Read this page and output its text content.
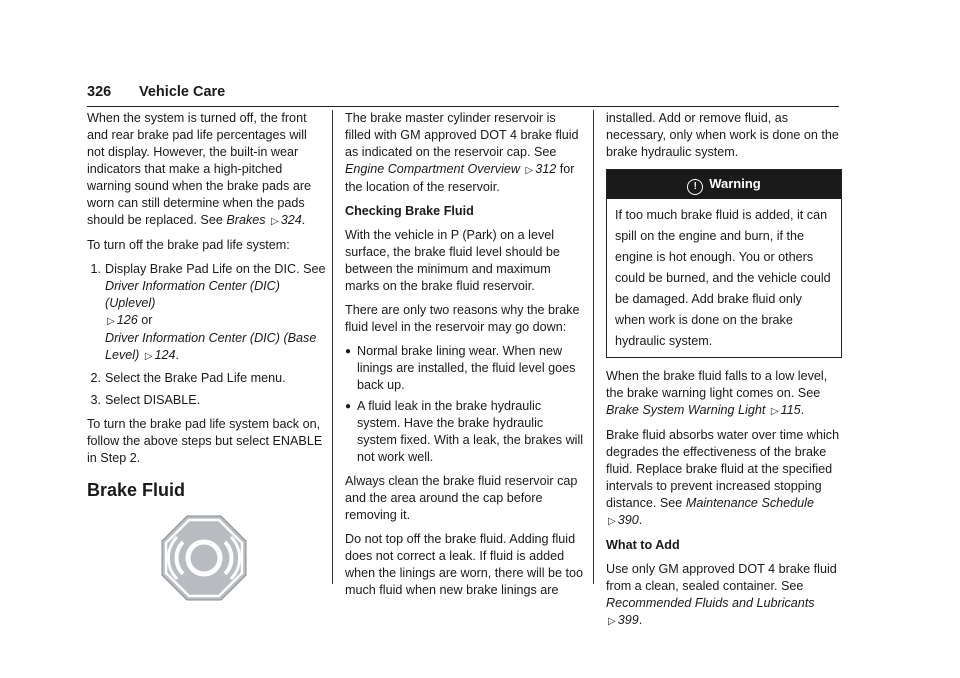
326 Vehicle Care

When the system is turned off, the front and rear brake pad life percentages will not display. However, the built-in wear indicators that make a high-pitched warning sound when the brake pads are worn can still determine when the pads should be replaced. See Brakes ▷ 324.

To turn off the brake pad life system:

1. Display Brake Pad Life on the DIC. See
Driver Information Center (DIC) (Uplevel)
▷ 126 or
Driver Information Center (DIC) (Base Level) ▷ 124.
2. Select the Brake Pad Life menu.
3. Select DISABLE.

To turn the brake pad life system back on, follow the above steps but select ENABLE in Step 2.

Brake Fluid

The brake master cylinder reservoir is filled with GM approved DOT 4 brake fluid as indicated on the reservoir cap. See Engine Compartment Overview ▷ 312 for the location of the reservoir.

Checking Brake Fluid

With the vehicle in P (Park) on a level surface, the brake fluid level should be between the minimum and maximum marks on the brake fluid reservoir.

There are only two reasons why the brake fluid level in the reservoir may go down:

● Normal brake lining wear. When new linings are installed, the fluid level goes back up.
● A fluid leak in the brake hydraulic system. Have the brake hydraulic system fixed. With a leak, the brakes will not work well.

Always clean the brake fluid reservoir cap and the area around the cap before removing it.

Do not top off the brake fluid. Adding fluid does not correct a leak. If fluid is added when the linings are worn, there will be too much fluid when new brake linings are

installed. Add or remove fluid, as necessary, only when work is done on the brake hydraulic system.

! Warning
If too much brake fluid is added, it can spill on the engine and burn, if the engine is hot enough. You or others could be burned, and the vehicle could be damaged. Add brake fluid only when work is done on the brake hydraulic system.

When the brake fluid falls to a low level, the brake warning light comes on. See Brake System Warning Light ▷ 115.

Brake fluid absorbs water over time which degrades the effectiveness of the brake fluid. Replace brake fluid at the specified intervals to prevent increased stopping distance. See Maintenance Schedule ▷ 390.

What to Add

Use only GM approved DOT 4 brake fluid from a clean, sealed container. See Recommended Fluids and Lubricants ▷ 399.
